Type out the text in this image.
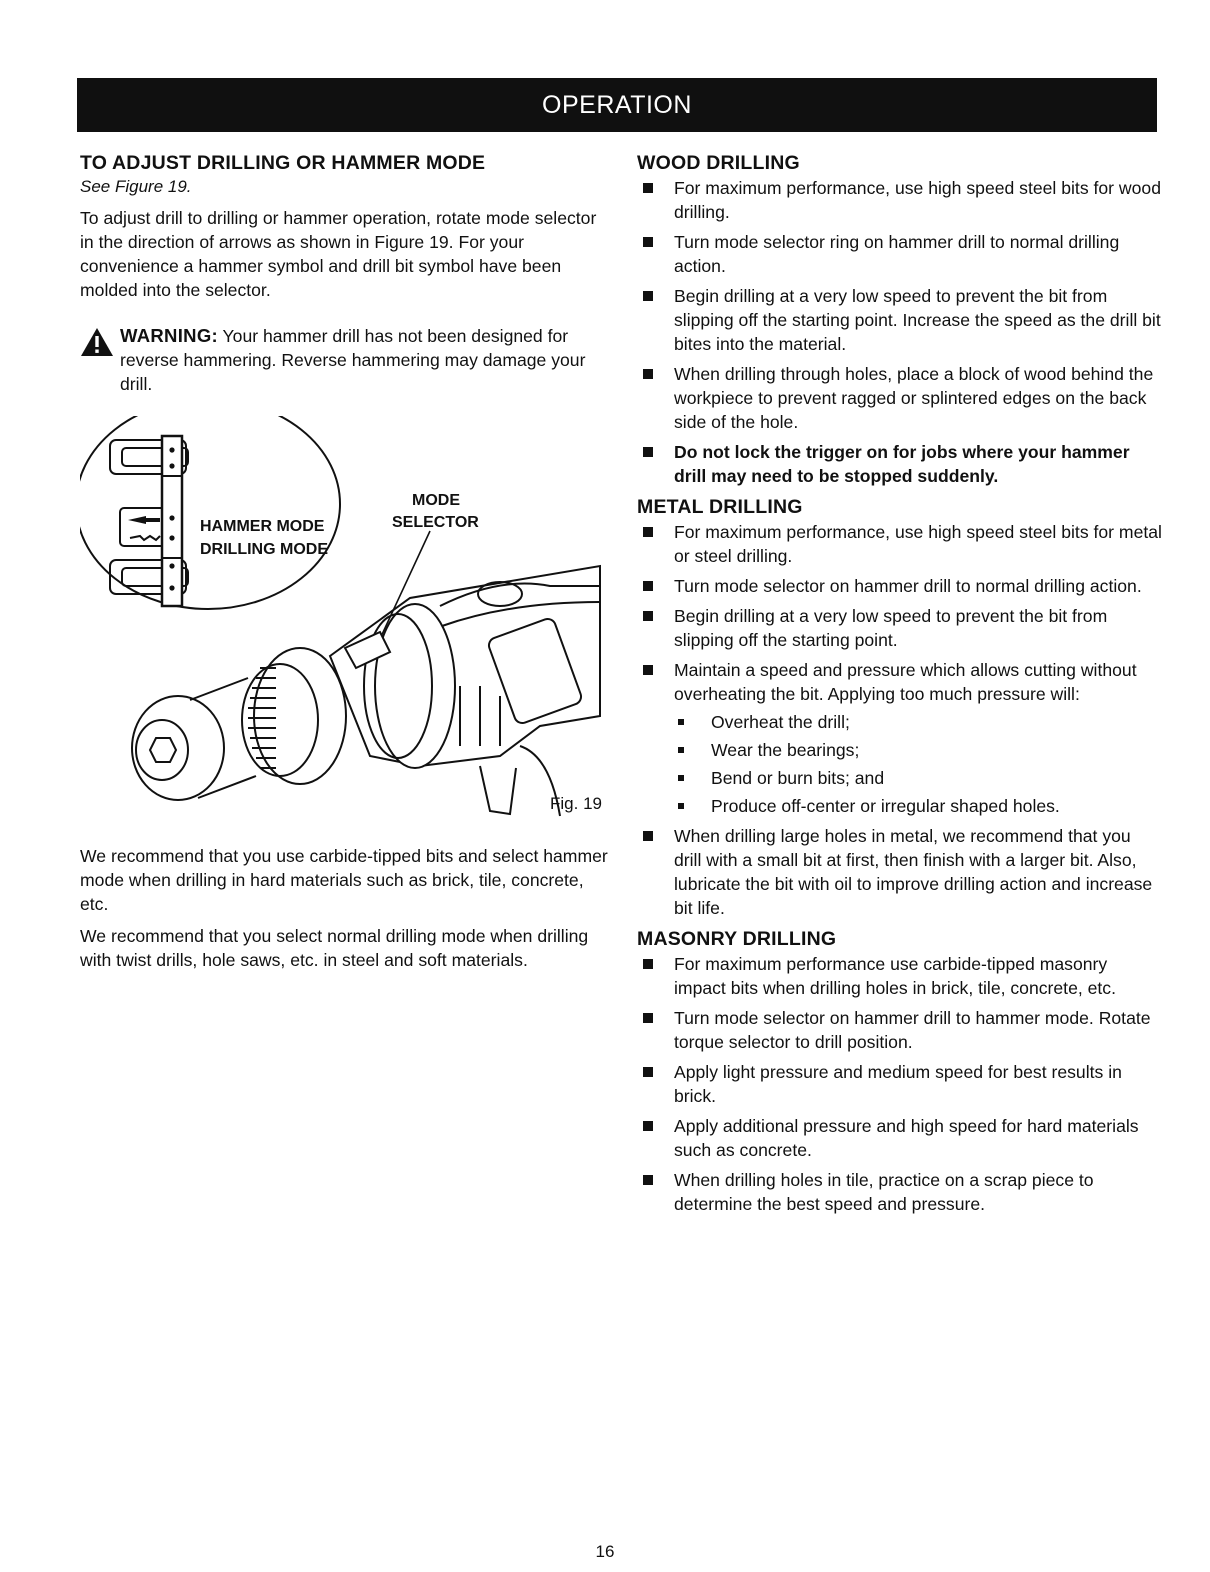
OPERATION
TO ADJUST DRILLING OR HAMMER MODE
See Figure 19.

To adjust drill to drilling or hammer operation, rotate mode selector in the direction of arrows as shown in Figure 19. For your convenience a hammer symbol and drill bit symbol have been molded into the selector.

WARNING: Your hammer drill has not been designed for reverse hammering. Reverse hammering may damage your drill.

HAMMER MODE
DRILLING MODE
MODE
SELECTOR
Fig. 19

We recommend that you use carbide-tipped bits and select hammer mode when drilling in hard materials such as brick, tile, concrete, etc.

We recommend that you select normal drilling mode when drilling with twist drills, hole saws, etc. in steel and soft materials.

WOOD DRILLING
For maximum performance, use high speed steel bits for wood drilling.
Turn mode selector ring on hammer drill to normal drilling action.
Begin drilling at a very low speed to prevent the bit from slipping off the starting point. Increase the speed as the drill bit bites into the material.
When drilling through holes, place a block of wood behind the workpiece to prevent ragged or splintered edges on the back side of the hole.
Do not lock the trigger on for jobs where your hammer drill may need to be stopped suddenly.
METAL DRILLING
For maximum performance, use high speed steel bits for metal or steel drilling.
Turn mode selector on hammer drill to normal drilling action.
Begin drilling at a very low speed to prevent the bit from slipping off the starting point.
Maintain a speed and pressure which allows cutting without overheating the bit. Applying too much pressure will:
Overheat the drill;
Wear the bearings;
Bend or burn bits; and
Produce off-center or irregular shaped holes.
When drilling large holes in metal, we recommend that you drill with a small bit at first, then finish with a larger bit. Also, lubricate the bit with oil to improve drilling action and increase bit life.
MASONRY DRILLING
For maximum performance use carbide-tipped masonry impact bits when drilling holes in brick, tile, concrete, etc.
Turn mode selector on hammer drill to hammer mode. Rotate torque selector to drill position.
Apply light pressure and medium speed for best results in brick.
Apply additional pressure and high speed for hard materials such as concrete.
When drilling holes in tile, practice on a scrap piece to determine the best speed and pressure.
16
